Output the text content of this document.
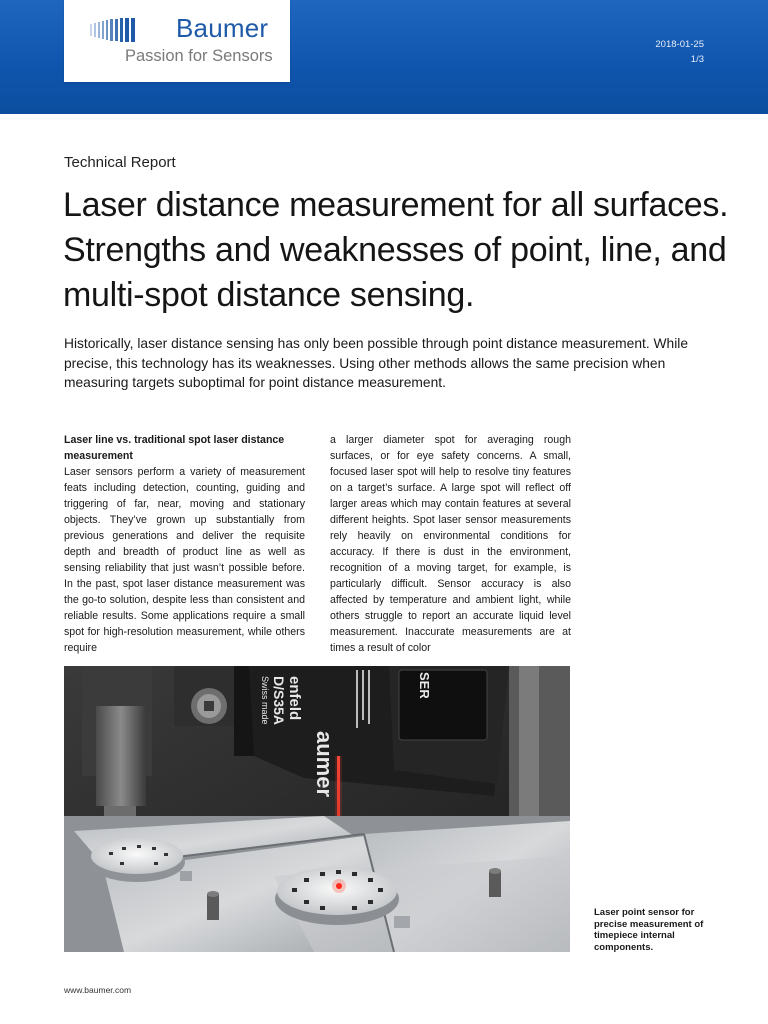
Baumer
Passion for Sensors
2018-01-25
1/3
Technical Report
Laser distance measurement for all surfaces. Strengths and weaknesses of point, line, and multi-spot distance sensing.

Historically, laser distance sensing has only been possible through point distance measurement. While precise, this technology has its weaknesses. Using other methods allows the same precision when measuring targets suboptimal for point distance measurement.

Laser line vs. traditional spot laser distance measurement

Laser sensors perform a variety of measurement feats including detection, counting, guiding and triggering of far, near, moving and stationary objects. They’ve grown up substantially from previous generations and deliver the requisite depth and breadth of product line as well as sensing reliability that just wasn’t possible before. In the past, spot laser distance measurement was the go-to solution, despite less than consistent and reliable results. Some applications require a small spot for high-resolution measurement, while others require

a larger diameter spot for averaging rough surfaces, or for eye safety concerns. A small, focused laser spot will help to resolve tiny features on a target’s surface. A large spot will reflect off larger areas which may contain features at several different heights. Spot laser sensor measurements rely heavily on environmental conditions for accuracy. If there is dust in the environment, recognition of a moving target, for example, is particularly difficult. Sensor accuracy is also affected by temperature and ambient light, while others struggle to report an accurate liquid level measurement. Inaccurate measurements are at times a result of color

aumer
enfeld
D/S35A
Swiss made	SER
Laser point sensor for precise measurement of timepiece internal components.
www.baumer.com
